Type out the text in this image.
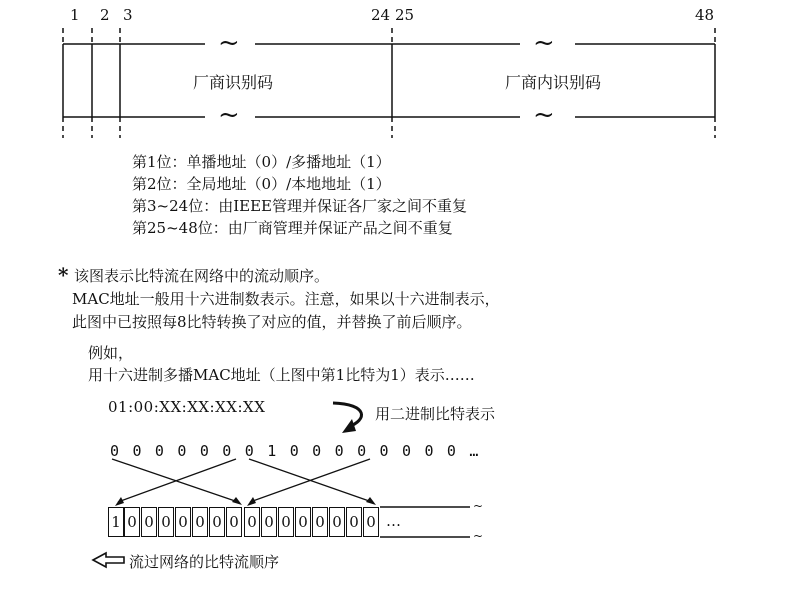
1 2 3	24 25	48
~	~
~	~
厂商识别码	厂商内识别码
第1位：单播地址（0）/多播地址（1）
第2位：全局地址（0）/本地地址（1）
第3~24位：由IEEE管理并保证各厂家之间不重复
第25~48位：由厂商管理并保证产品之间不重复
* 该图表示比特流在网络中的流动顺序。
MAC地址一般用十六进制数表示。注意，如果以十六进制表示，
此图中已按照每8比特转换了对应的值，并替换了前后顺序。
例如，
用十六进制多播MAC地址（上图中第1比特为1）表示……
01:00:XX:XX:XX:XX	用二进制比特表示
0 0 0 0 0 0 0 1 0 0 0 0 0 0 0 0 …
1 0 0 0 0 0 0 0 0 0 0 0 0 0 0 0 …
~
~
流过网络的比特流顺序
